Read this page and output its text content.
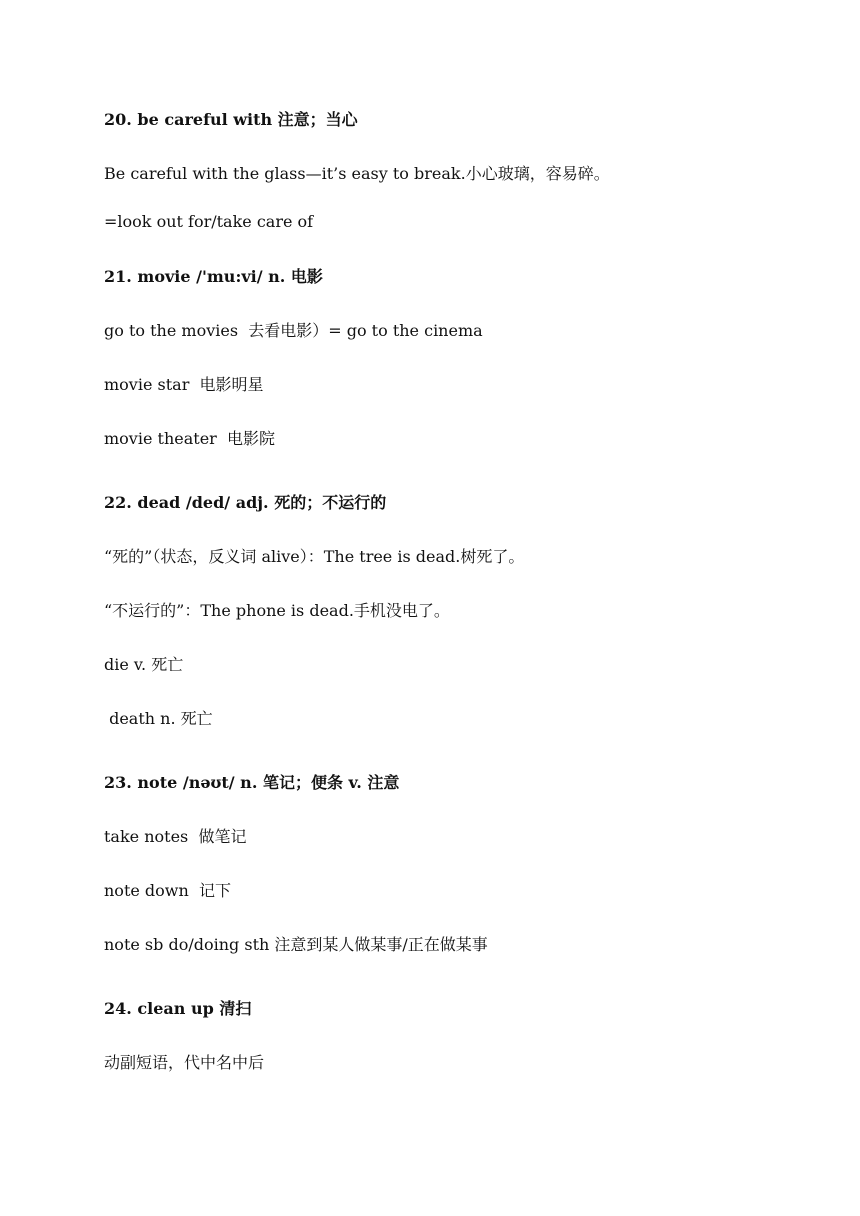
20. be careful with 注意；当心
Be careful with the glass—it’s easy to break.小心玻璃，容易碎。
=look out for/take care of
21. movie /'mu:vi/ n. 电影
go to the movies  去看电影）= go to the cinema
movie star  电影明星
movie theater  电影院
22. dead /ded/ adj. 死的；不运行的
“死的”（状态，反义词 alive）：The tree is dead.树死了。
“不运行的”：The phone is dead.手机没电了。
die v. 死亡
death n. 死亡
23. note /nəʊt/ n. 笔记；便条 v. 注意
take notes  做笔记
note down  记下
note sb do/doing sth 注意到某人做某事/正在做某事
24. clean up 清扫
动副短语，代中名中后
